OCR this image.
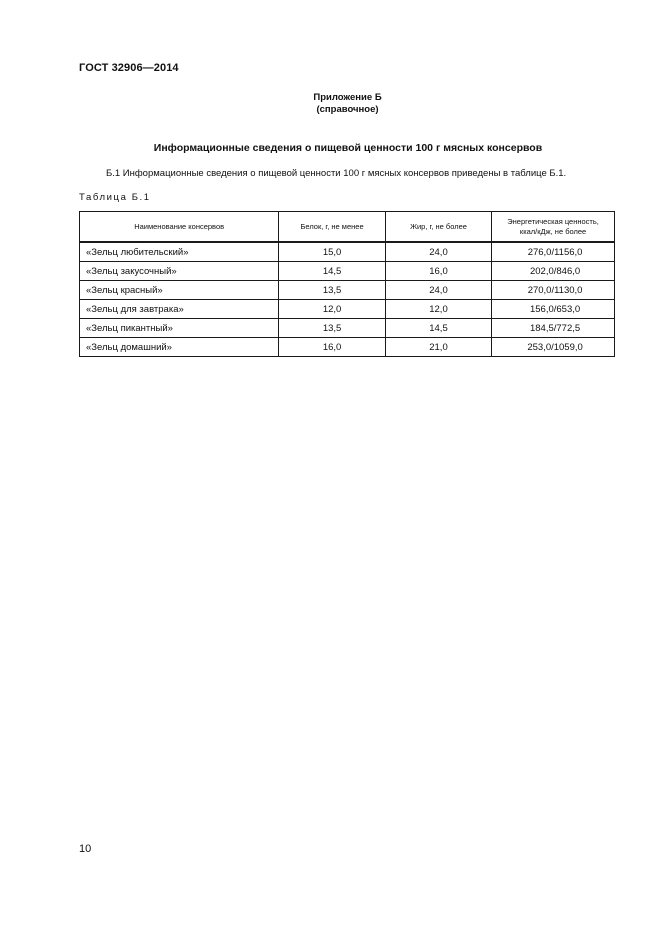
ГОСТ 32906—2014
Приложение Б
(справочное)
Информационные сведения о пищевой ценности 100 г мясных консервов
Б.1 Информационные сведения о пищевой ценности 100 г мясных консервов приведены в таблице Б.1.
Таблица Б.1
Наименование консервов	Белок, г, не менее	Жир, г, не более	Энергетическая ценность,
ккал/кДж, не более
«Зельц любительский»	15,0	24,0	276,0/1156,0
«Зельц закусочный»	14,5	16,0	202,0/846,0
«Зельц красный»	13,5	24,0	270,0/1130,0
«Зельц для завтрака»	12,0	12,0	156,0/653,0
«Зельц пикантный»	13,5	14,5	184,5/772,5
«Зельц домашний»	16,0	21,0	253,0/1059,0
10
